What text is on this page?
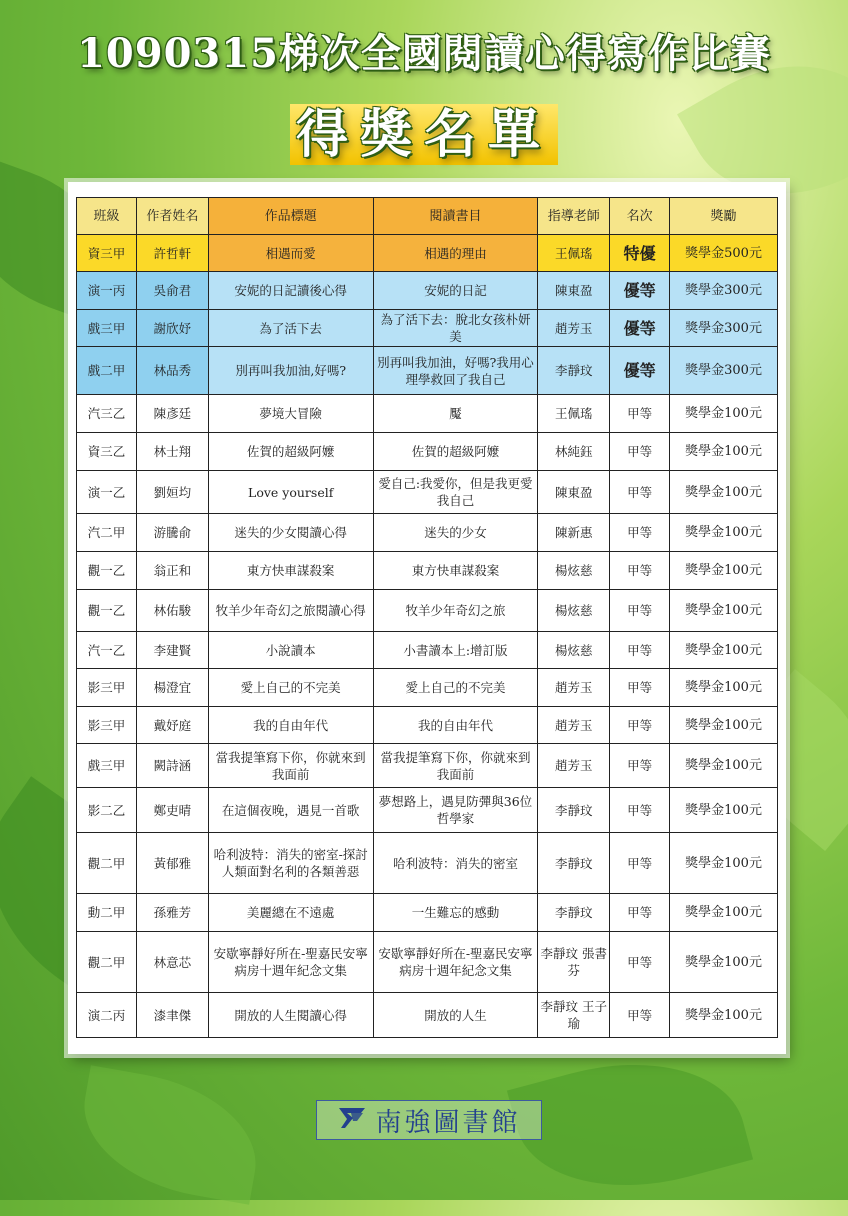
1090315梯次全國閱讀心得寫作比賽
得獎名單
班級	作者姓名	作品標題	閱讀書目	指導老師	名次	獎勵
資三甲	許哲軒	相遇而愛	相遇的理由	王佩瑤	特優	獎學金500元
演一丙	吳俞君	安妮的日記讀後心得	安妮的日記	陳東盈	優等	獎學金300元
戲三甲	謝欣妤	為了活下去	為了活下去：脫北女孩朴妍美	趙芳玉	優等	獎學金300元
戲二甲	林品秀	別再叫我加油,好嗎?	別再叫我加油，好嗎?我用心理學救回了我自己	李靜玟	優等	獎學金300元
汽三乙	陳彥廷	夢境大冒險	魘	王佩瑤	甲等	獎學金100元
資三乙	林士翔	佐賀的超級阿嬤	佐賀的超級阿嬤	林純鈺	甲等	獎學金100元
演一乙	劉姮均	Love yourself	愛自己:我愛你，但是我更愛我自己	陳東盈	甲等	獎學金100元
汽二甲	游騰俞	迷失的少女閱讀心得	迷失的少女	陳新惠	甲等	獎學金100元
觀一乙	翁正和	東方快車謀殺案	東方快車謀殺案	楊炫慈	甲等	獎學金100元
觀一乙	林佑駿	牧羊少年奇幻之旅閱讀心得	牧羊少年奇幻之旅	楊炫慈	甲等	獎學金100元
汽一乙	李建賢	小說讀本	小書讀本上:增訂版	楊炫慈	甲等	獎學金100元
影三甲	楊澄宜	愛上自己的不完美	愛上自己的不完美	趙芳玉	甲等	獎學金100元
影三甲	戴妤庭	我的自由年代	我的自由年代	趙芳玉	甲等	獎學金100元
戲三甲	闕詩涵	當我提筆寫下你，你就來到我面前	當我提筆寫下你，你就來到我面前	趙芳玉	甲等	獎學金100元
影二乙	鄭吏晴	在這個夜晚，遇見一首歌	夢想路上，遇見防彈與36位哲學家	李靜玟	甲等	獎學金100元
觀二甲	黃郁雅	哈利波特：消失的密室-探討人類面對名利的各類善惡	哈利波特：消失的密室	李靜玟	甲等	獎學金100元
動二甲	孫雅芳	美麗總在不遠處	一生難忘的感動	李靜玟	甲等	獎學金100元
觀二甲	林意芯	安歇寧靜好所在-聖嘉民安寧病房十週年紀念文集	安歇寧靜好所在-聖嘉民安寧病房十週年紀念文集	李靜玟 張書芬	甲等	獎學金100元
演二丙	漆聿傑	開放的人生閱讀心得	開放的人生	李靜玟 王子瑜	甲等	獎學金100元
南強圖書館
